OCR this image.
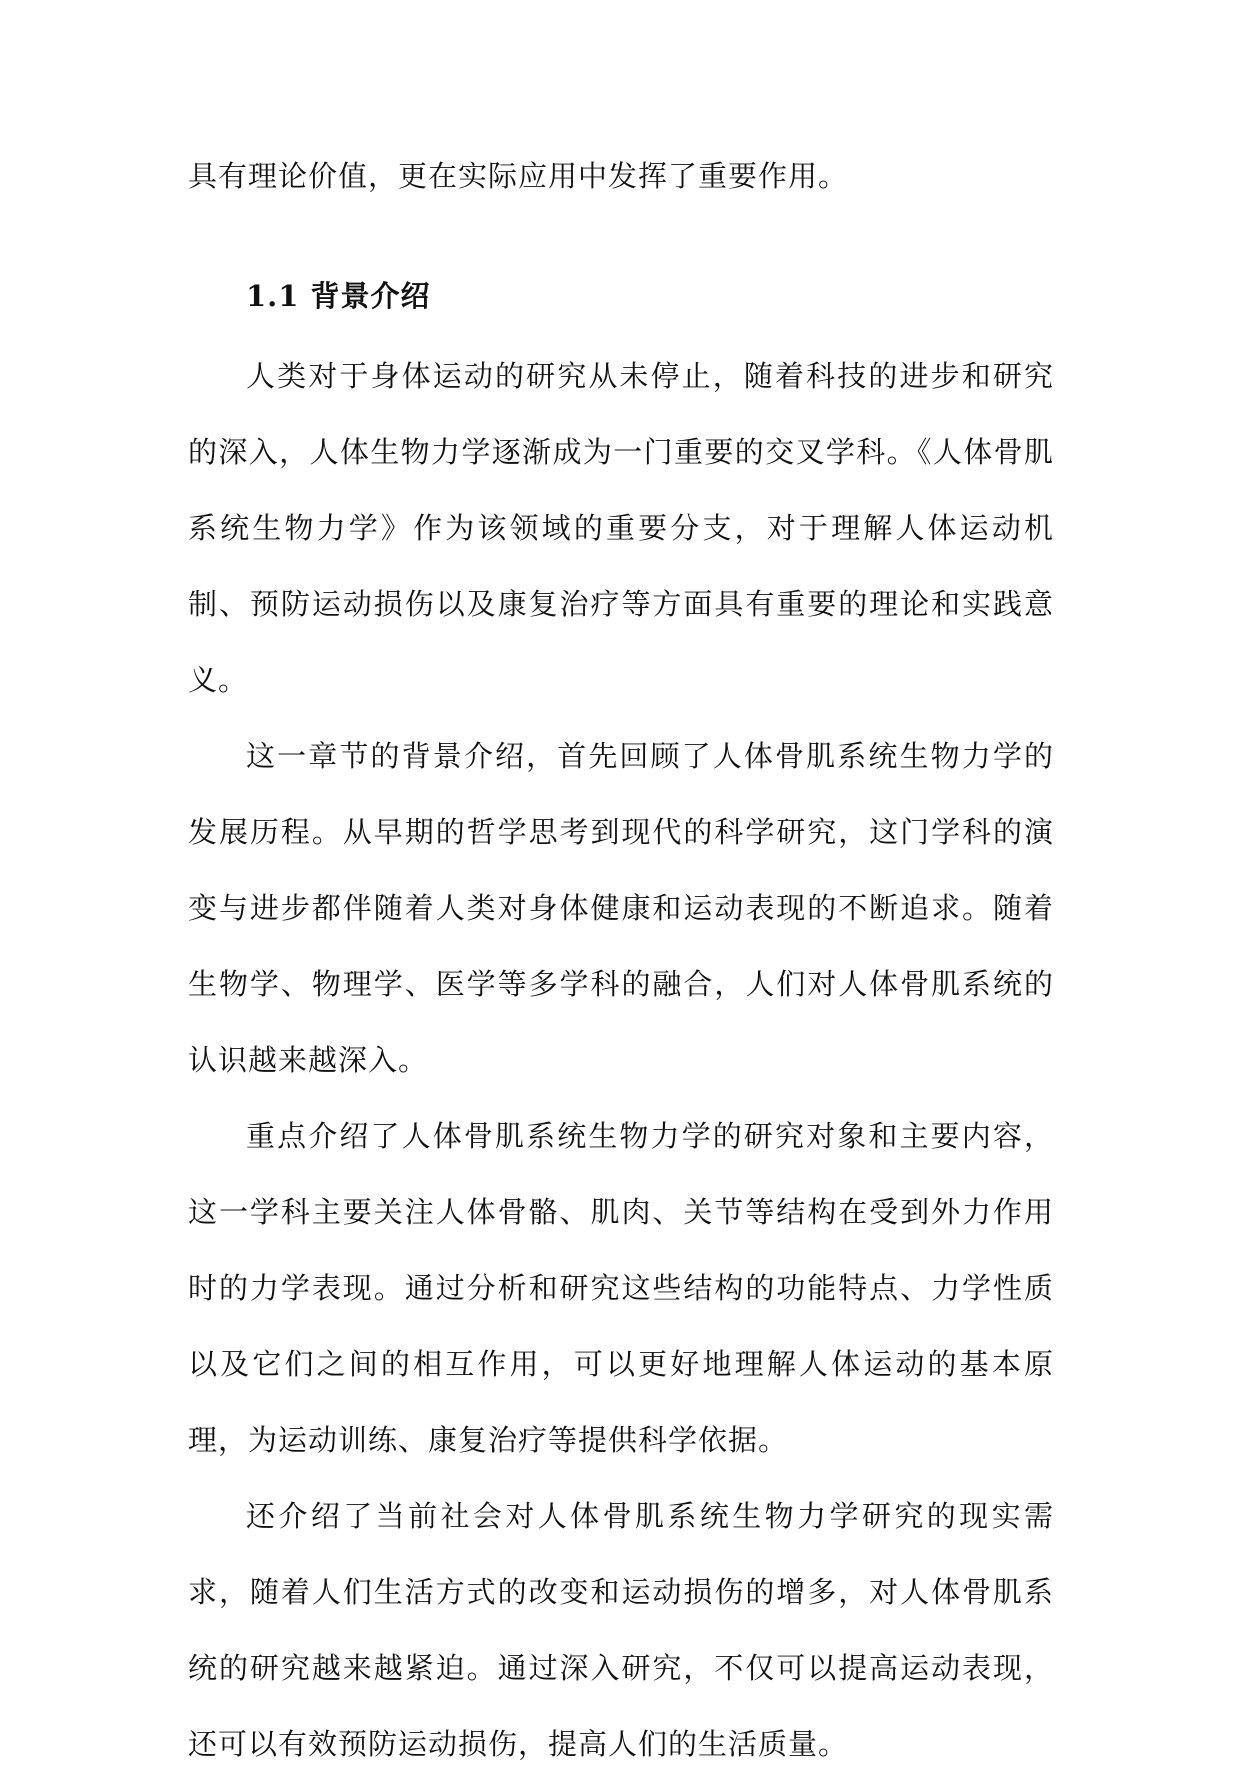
具有理论价值，更在实际应用中发挥了重要作用。

1.1 背景介绍

人类对于身体运动的研究从未停止，随着科技的进步和研究的深入，人体生物力学逐渐成为一门重要的交叉学科。《人体骨肌系统生物力学》作为该领域的重要分支，对于理解人体运动机制、预防运动损伤以及康复治疗等方面具有重要的理论和实践意义。

这一章节的背景介绍，首先回顾了人体骨肌系统生物力学的发展历程。从早期的哲学思考到现代的科学研究，这门学科的演变与进步都伴随着人类对身体健康和运动表现的不断追求。随着生物学、物理学、医学等多学科的融合，人们对人体骨肌系统的认识越来越深入。

重点介绍了人体骨肌系统生物力学的研究对象和主要内容，这一学科主要关注人体骨骼、肌肉、关节等结构在受到外力作用时的力学表现。通过分析和研究这些结构的功能特点、力学性质以及它们之间的相互作用，可以更好地理解人体运动的基本原理，为运动训练、康复治疗等提供科学依据。

还介绍了当前社会对人体骨肌系统生物力学研究的现实需求，随着人们生活方式的改变和运动损伤的增多，对人体骨肌系统的研究越来越紧迫。通过深入研究，不仅可以提高运动表现，还可以有效预防运动损伤，提高人们的生活质量。
